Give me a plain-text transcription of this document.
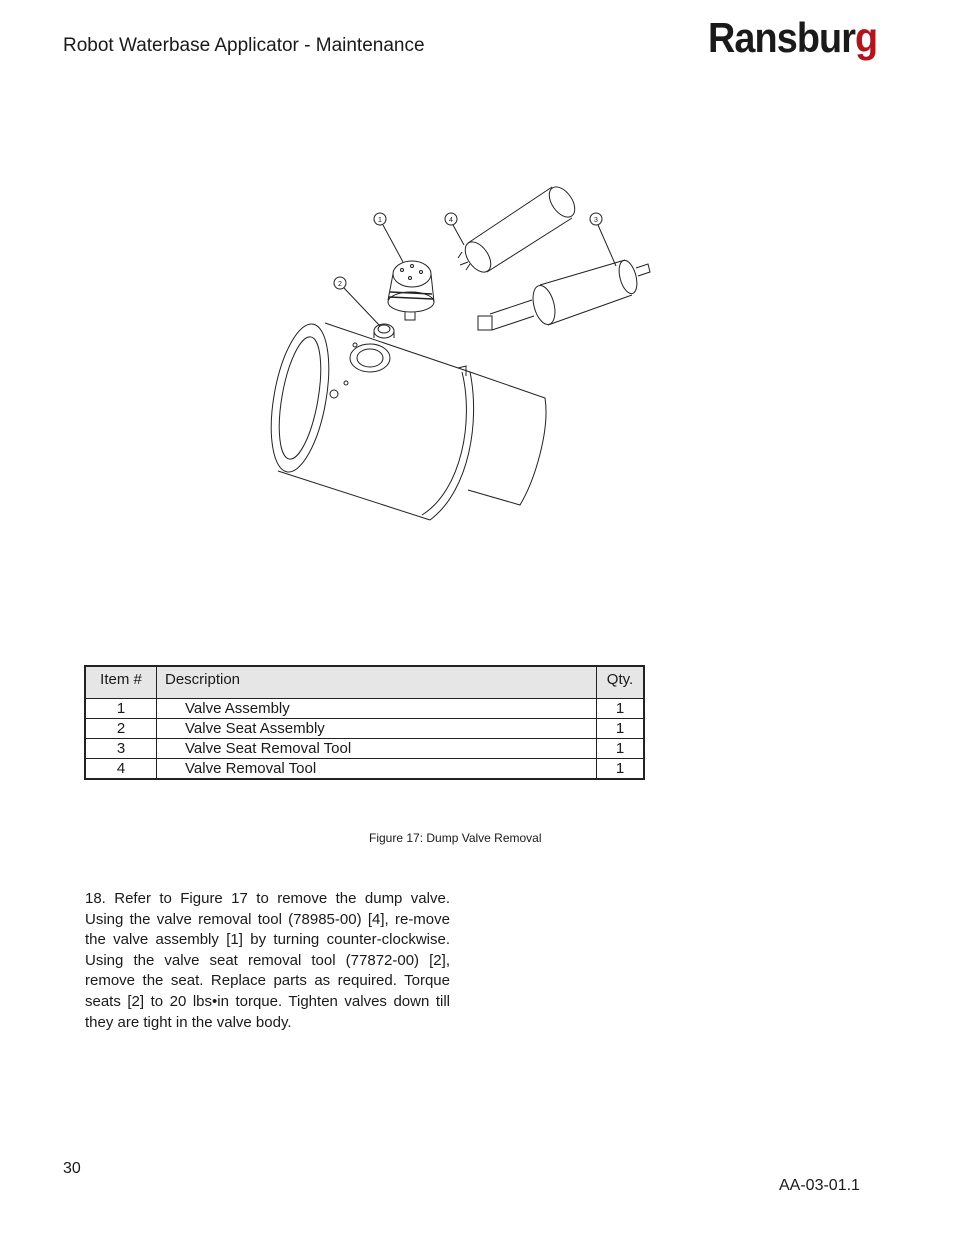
Robot Waterbase Applicator - Maintenance	Ransburg
1
2
3
4
Item #	Description	Qty.
1	Valve Assembly	1
2	Valve Seat Assembly	1
3	Valve Seat Removal Tool	1
4	Valve Removal Tool	1
Figure 17: Dump Valve Removal
18. Refer to Figure 17 to remove the dump valve. Using the valve removal tool (78985-00) [4], re-move the valve assembly [1] by turning counter-clockwise. Using the valve seat removal tool (77872-00) [2], remove the seat. Replace parts as required. Torque seats [2] to 20 lbs•in torque. Tighten valves down till they are tight in the valve body.
30
AA-03-01.1
